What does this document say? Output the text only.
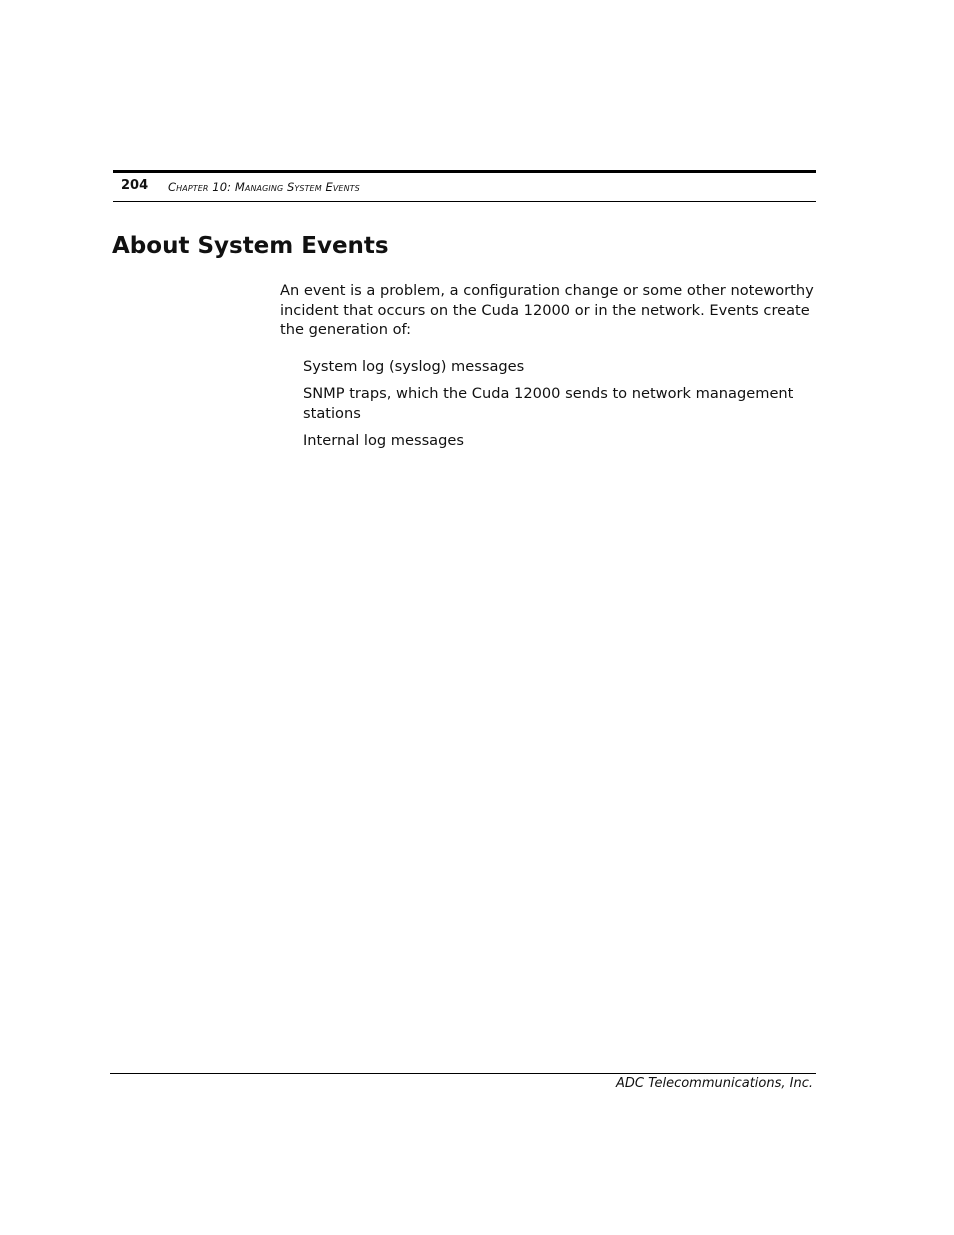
204 Chapter 10: Managing System Events
About System Events

An event is a problem, a configuration change or some other noteworthy incident that occurs on the Cuda 12000 or in the network. Events create the generation of:

System log (syslog) messages
SNMP traps, which the Cuda 12000 sends to network management stations
Internal log messages
ADC Telecommunications, Inc.
